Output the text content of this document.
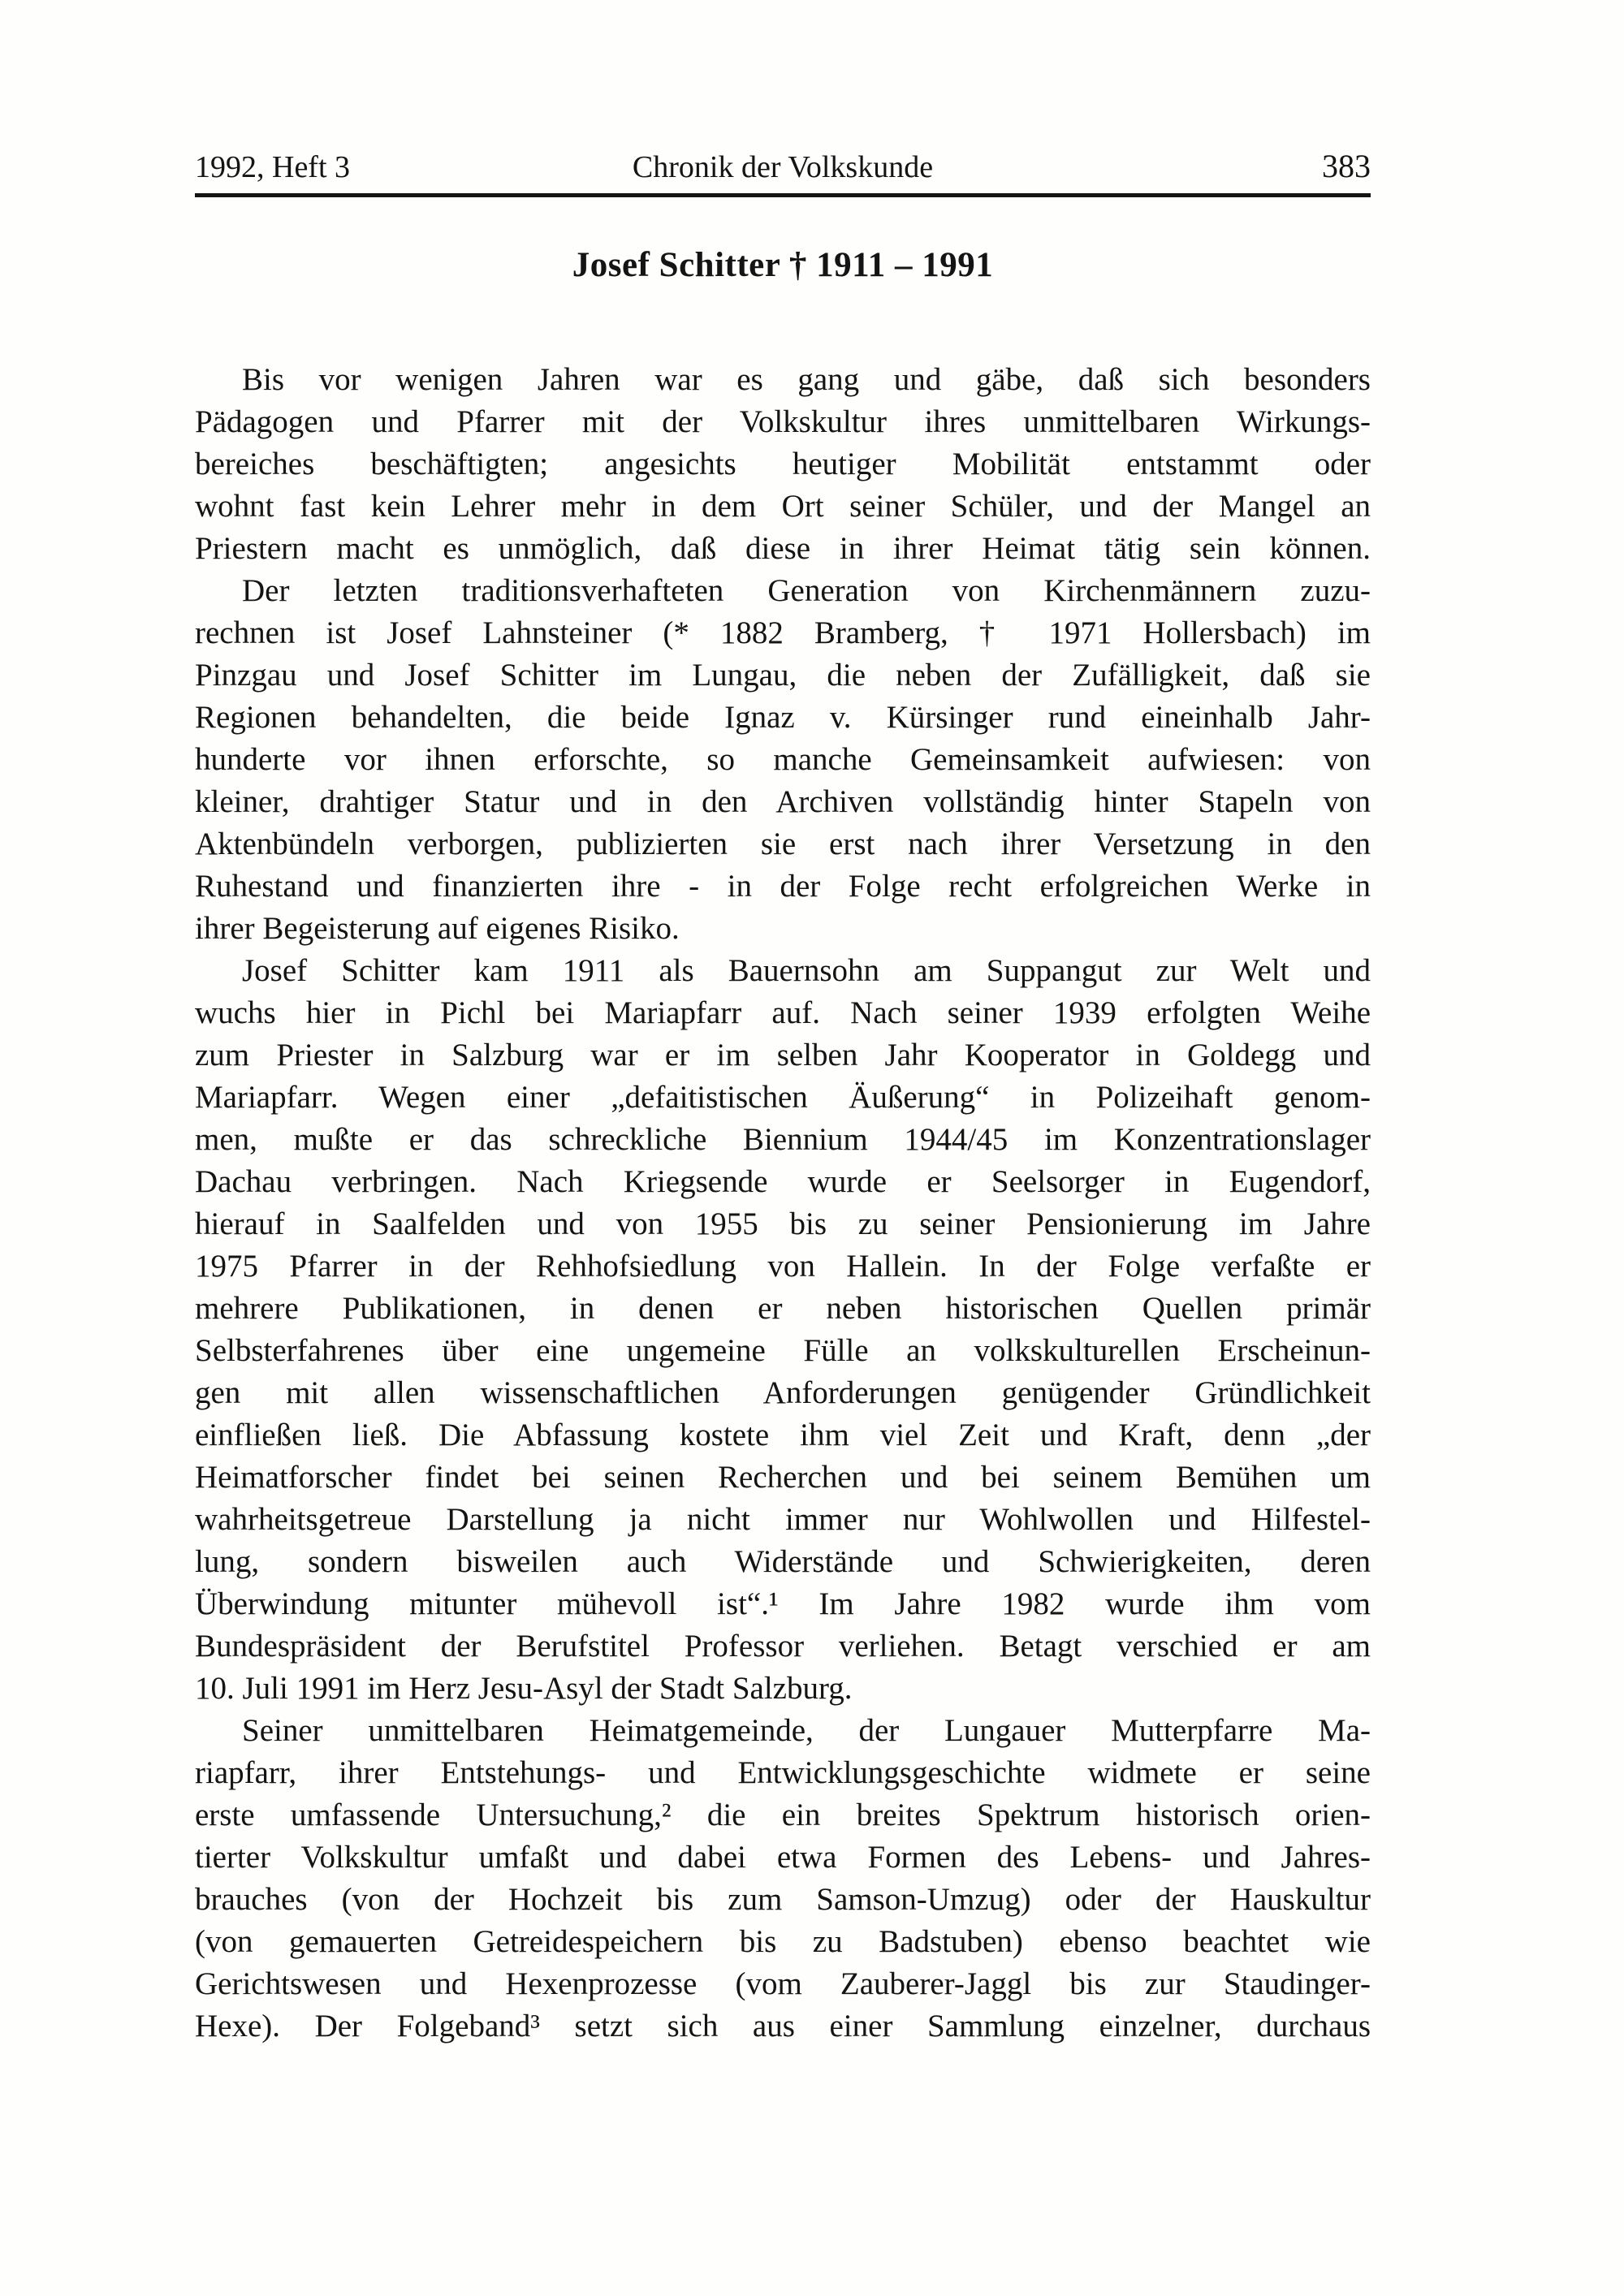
1992, Heft 3	Chronik der Volkskunde	383
Josef Schitter † 1911 – 1991
Bis vor wenigen Jahren war es gang und gäbe, daß sich besonders
Pädagogen und Pfarrer mit der Volkskultur ihres unmittelbaren Wirkungs-
bereiches beschäftigten; angesichts heutiger Mobilität entstammt oder
wohnt fast kein Lehrer mehr in dem Ort seiner Schüler, und der Mangel an
Priestern macht es unmöglich, daß diese in ihrer Heimat tätig sein können.
Der letzten traditionsverhafteten Generation von Kirchenmännern zuzu-
rechnen ist Josef Lahnsteiner (* 1882 Bramberg, † 1971 Hollersbach) im
Pinzgau und Josef Schitter im Lungau, die neben der Zufälligkeit, daß sie
Regionen behandelten, die beide Ignaz v. Kürsinger rund eineinhalb Jahr-
hunderte vor ihnen erforschte, so manche Gemeinsamkeit aufwiesen: von
kleiner, drahtiger Statur und in den Archiven vollständig hinter Stapeln von
Aktenbündeln verborgen, publizierten sie erst nach ihrer Versetzung in den
Ruhestand und finanzierten ihre - in der Folge recht erfolgreichen Werke in
ihrer Begeisterung auf eigenes Risiko.
Josef Schitter kam 1911 als Bauernsohn am Suppangut zur Welt und
wuchs hier in Pichl bei Mariapfarr auf. Nach seiner 1939 erfolgten Weihe
zum Priester in Salzburg war er im selben Jahr Kooperator in Goldegg und
Mariapfarr. Wegen einer „defaitistischen Äußerung“ in Polizeihaft genom-
men, mußte er das schreckliche Biennium 1944/45 im Konzentrationslager
Dachau verbringen. Nach Kriegsende wurde er Seelsorger in Eugendorf,
hierauf in Saalfelden und von 1955 bis zu seiner Pensionierung im Jahre
1975 Pfarrer in der Rehhofsiedlung von Hallein. In der Folge verfaßte er
mehrere Publikationen, in denen er neben historischen Quellen primär
Selbsterfahrenes über eine ungemeine Fülle an volkskulturellen Erscheinun-
gen mit allen wissenschaftlichen Anforderungen genügender Gründlichkeit
einfließen ließ. Die Abfassung kostete ihm viel Zeit und Kraft, denn „der
Heimatforscher findet bei seinen Recherchen und bei seinem Bemühen um
wahrheitsgetreue Darstellung ja nicht immer nur Wohlwollen und Hilfestel-
lung, sondern bisweilen auch Widerstände und Schwierigkeiten, deren
Überwindung mitunter mühevoll ist“.¹ Im Jahre 1982 wurde ihm vom
Bundespräsident der Berufstitel Professor verliehen. Betagt verschied er am
10. Juli 1991 im Herz Jesu-Asyl der Stadt Salzburg.
Seiner unmittelbaren Heimatgemeinde, der Lungauer Mutterpfarre Ma-
riapfarr, ihrer Entstehungs- und Entwicklungsgeschichte widmete er seine
erste umfassende Untersuchung,² die ein breites Spektrum historisch orien-
tierter Volkskultur umfaßt und dabei etwa Formen des Lebens- und Jahres-
brauches (von der Hochzeit bis zum Samson-Umzug) oder der Hauskultur
(von gemauerten Getreidespeichern bis zu Badstuben) ebenso beachtet wie
Gerichtswesen und Hexenprozesse (vom Zauberer-Jaggl bis zur Staudinger-
Hexe). Der Folgeband³ setzt sich aus einer Sammlung einzelner, durchaus
